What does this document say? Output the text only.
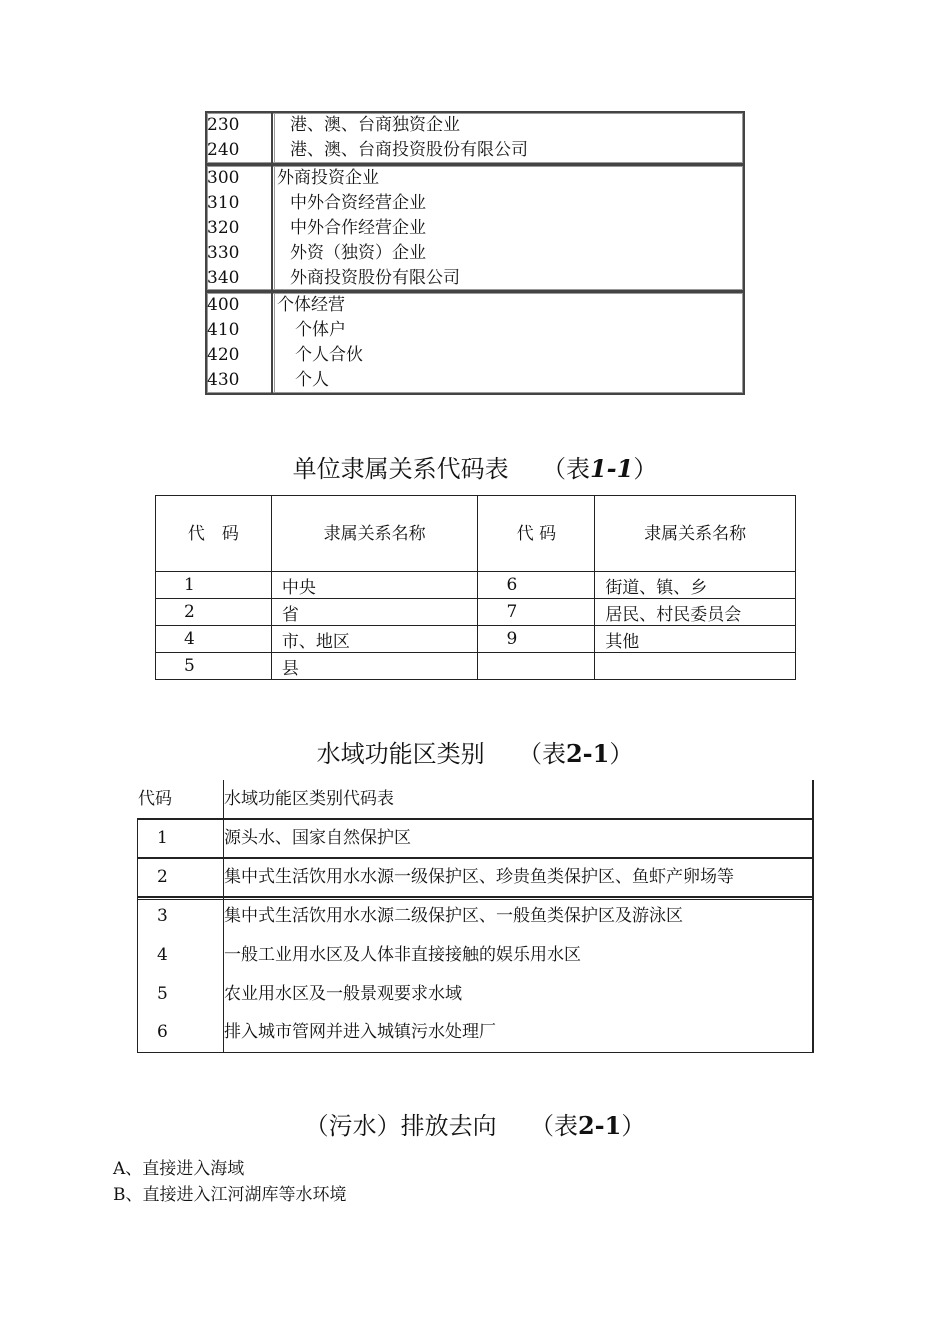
230	港、澳、台商独资企业
240	港、澳、台商投资股份有限公司
300	外商投资企业
310	中外合资经营企业
320	中外合作经营企业
330	外资（独资）企业
340	外商投资股份有限公司
400	个体经营
410	个体户
420	个人合伙
430	个人
单位隶属关系代码表 （表1-1）
代　码	隶属关系名称	代 码	隶属关系名称
1	中央	6	街道、镇、乡
2	省	7	居民、村民委员会
4	市、地区	9	其他
5	县		
水域功能区类别 （表2-1）
代码	水域功能区类别代码表
1	源头水、国家自然保护区
2	集中式生活饮用水水源一级保护区、珍贵鱼类保护区、鱼虾产卵场等
3	集中式生活饮用水水源二级保护区、一般鱼类保护区及游泳区
4	一般工业用水区及人体非直接接触的娱乐用水区
5	农业用水区及一般景观要求水域
6	排入城市管网并进入城镇污水处理厂
（污水）排放去向 （表2-1）
A、直接进入海域
B、直接进入江河湖库等水环境
